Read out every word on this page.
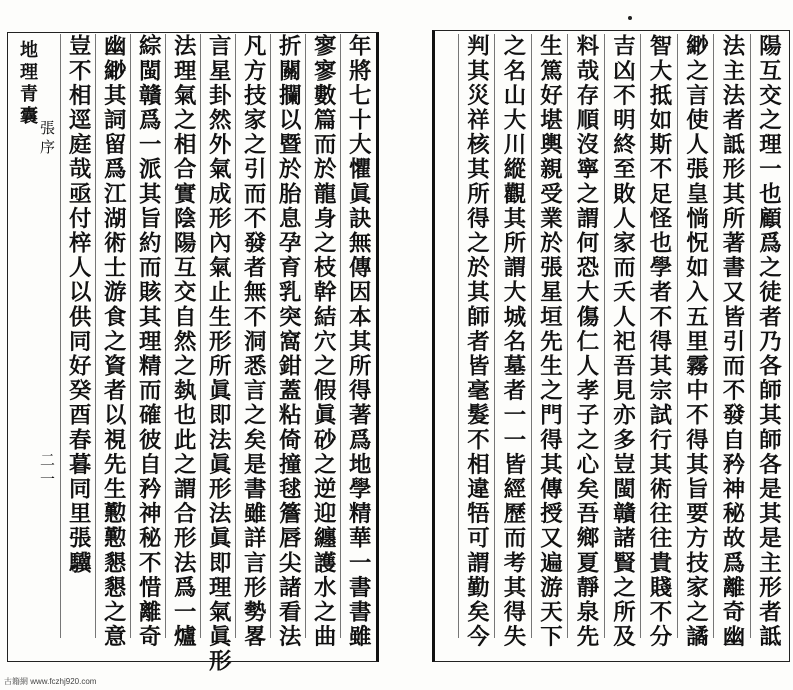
地理青囊
張序
二一	年將七十大懼眞訣無傳因本其所得著爲地學精華一書書雖
寥寥數篇而於龍身之枝幹結穴之假眞砂之逆迎纏護水之曲
折關攔以暨於胎息孕育乳突窩鉗蓋粘倚撞毬簷唇尖諸看法
凡方技家之引而不發者無不洞悉言之矣是書雖詳言形勢畧
言星卦然外氣成形內氣止生形所眞即法眞形法眞即理氣眞形
法理氣之相合實陰陽互交自然之埶也此之謂合形法爲一爐
綜閩贛爲一派其旨約而賅其理精而確彼自矜神秘不惜離奇
幽緲其詞留爲江湖術士游食之資者以視先生懃懃懇懇之意
豈不相逕庭哉亟付梓人以供同好癸酉春暮同里張驥	陽互交之理一也顧爲之徒者乃各師其師各是其是主形者詆
法主法者詆形其所著書又皆引而不發自矜神秘故爲離奇幽
緲之言使人張皇惝怳如入五里霧中不得其旨要方技家之譎
智大抵如斯不足怪也學者不得其宗試行其術往往貴賤不分
吉凶不明終至敗人家而夭人祀吾見亦多豈閩贛諸賢之所及
料哉存順沒寧之謂何恐大傷仁人孝子之心矣吾鄉夏靜泉先
生篤好堪輿親受業於張星垣先生之門得其傳授又遍游天下
之名山大川縱觀其所謂大城名墓者一一皆經歷而考其得失
判其災祥核其所得之於其師者皆毫髮不相違牾可謂勤矣今
古籍網 www.fczhj920.com
